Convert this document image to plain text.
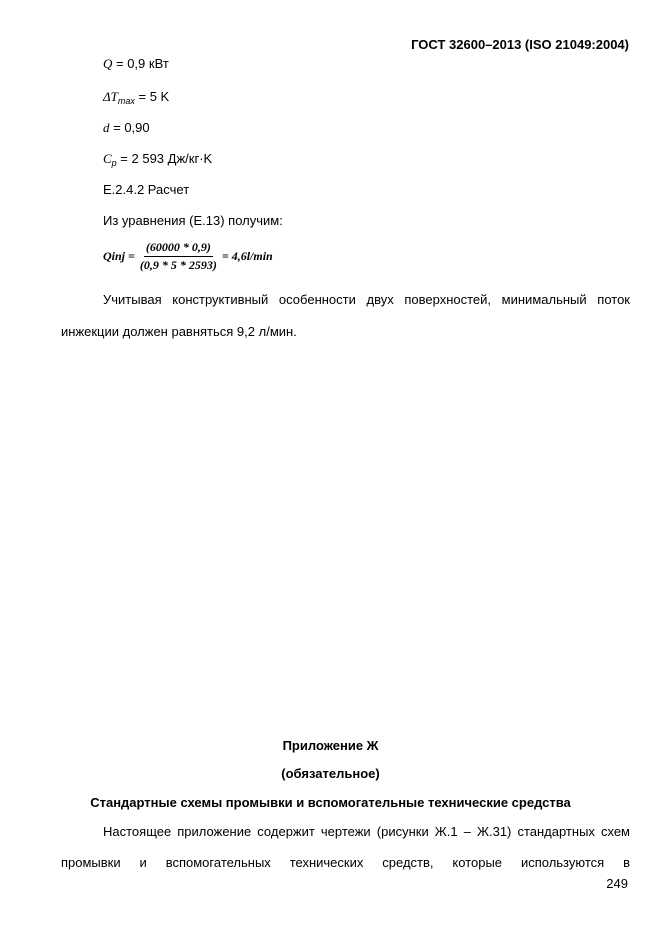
ГОСТ 32600–2013 (ISO 21049:2004)
Q = 0,9 кВт
$\Delta T_{max} = 5$ K
d = 0,90
$C_p = 2$ 593 Дж/кг·K
Е.2.4.2 Расчет
Из уравнения (Е.13) получим:
Qinj = $\frac{(60000 * 0,9)}{(0,9 * 5 * 2593)} = 4,6l/\min$
Учитывая конструктивный особенности двух поверхностей, минимальный поток
инжекции должен равняться 9,2 л/мин.
Приложение Ж
(обязательное)
Стандартные схемы промывки и вспомогательные технические средства
Настоящее приложение содержит чертежи (рисунки Ж.1 – Ж.31) стандартных схем
промывки и вспомогательных технических средств, которые используются в
249
